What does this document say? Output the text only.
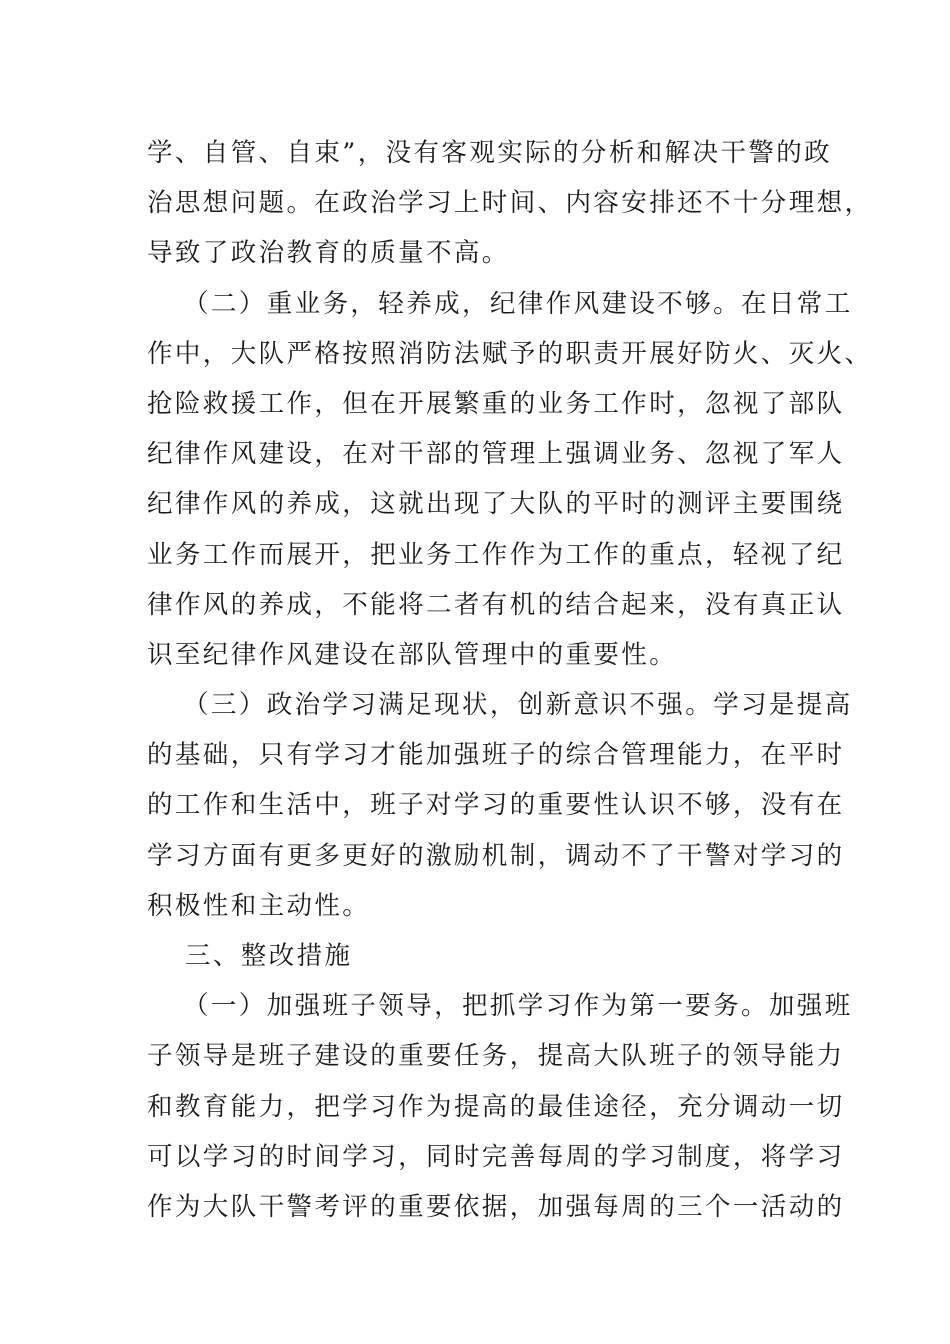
学、自管、自束”，没有客观实际的分析和解决干警的政
治思想问题。在政治学习上时间、内容安排还不十分理想，
导致了政治教育的质量不高。
（二）重业务，轻养成，纪律作风建设不够。在日常工
作中，大队严格按照消防法赋予的职责开展好防火、灭火、
抢险救援工作，但在开展繁重的业务工作时，忽视了部队
纪律作风建设，在对干部的管理上强调业务、忽视了军人
纪律作风的养成，这就出现了大队的平时的测评主要围绕
业务工作而展开，把业务工作作为工作的重点，轻视了纪
律作风的养成，不能将二者有机的结合起来，没有真正认
识至纪律作风建设在部队管理中的重要性。
（三）政治学习满足现状，创新意识不强。学习是提高
的基础，只有学习才能加强班子的综合管理能力，在平时
的工作和生活中，班子对学习的重要性认识不够，没有在
学习方面有更多更好的激励机制，调动不了干警对学习的
积极性和主动性。
三、整改措施
（一）加强班子领导，把抓学习作为第一要务。加强班
子领导是班子建设的重要任务，提高大队班子的领导能力
和教育能力，把学习作为提高的最佳途径，充分调动一切
可以学习的时间学习，同时完善每周的学习制度，将学习
作为大队干警考评的重要依据，加强每周的三个一活动的
